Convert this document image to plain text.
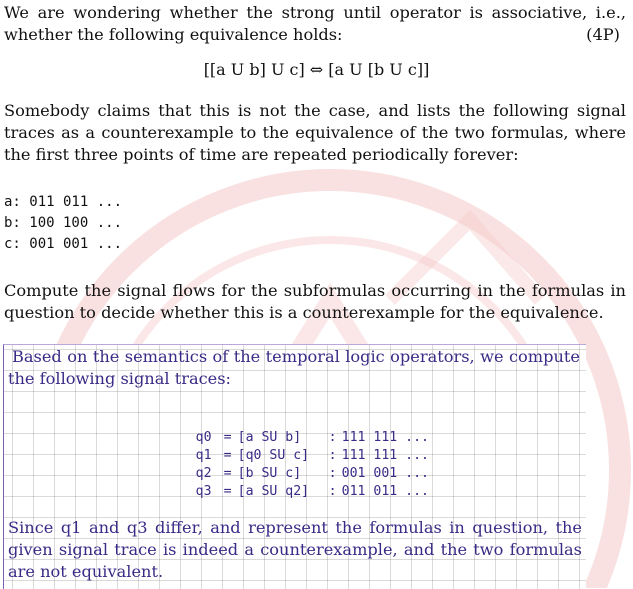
(4P)
We are wondering whether the strong until operator is associative, i.e., whether the following equivalence holds:
[[a U b] U c] ⇔ [a U [b U c]]
Somebody claims that this is not the case, and lists the following signal traces as a counterexample to the equivalence of the two formulas, where the first three points of time are repeated periodically forever:
a: 011 011 ...
b: 100 100 ...
c: 001 001 ...
Compute the signal flows for the subformulas occurring in the formulas in question to decide whether this is a counterexample for the equivalence.
Based on the semantics of the temporal logic operators, we compute the following signal traces:

q0 = [a SU b] : 111 111 ...

q1 = [q0 SU c] : 111 111 ...

q2 = [b SU c] : 001 001 ...

q3 = [a SU q2] : 011 011 ...

Since q1 and q3 differ, and represent the formulas in question, the given signal trace is indeed a counterexample, and the two formulas are not equivalent.
